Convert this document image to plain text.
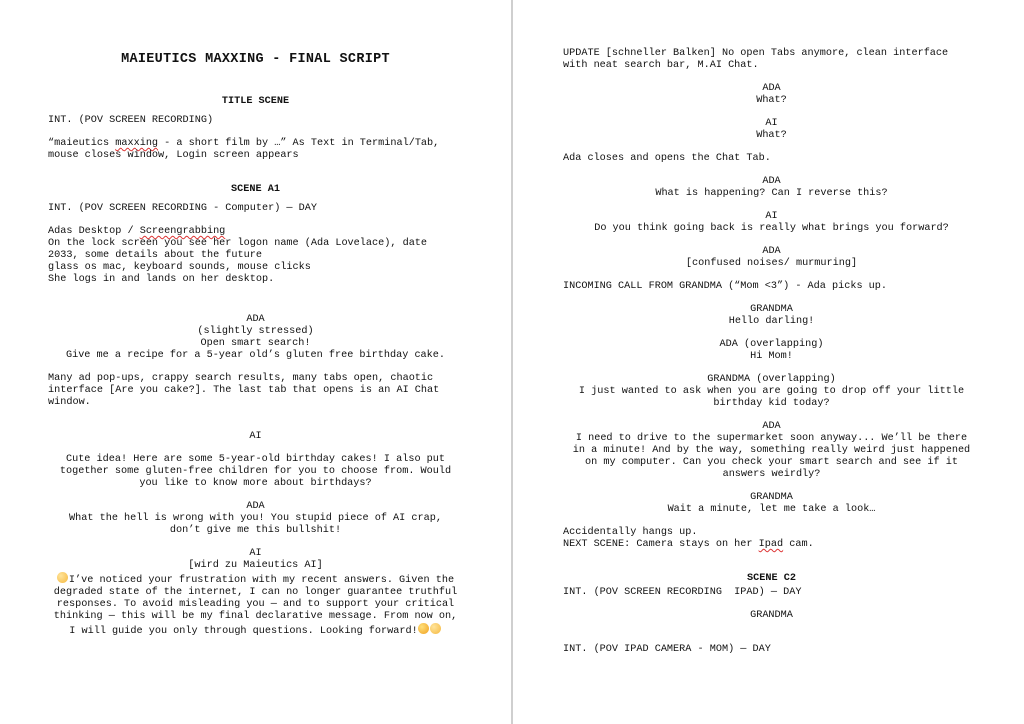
MAIEUTICS MAXXING - FINAL SCRIPT
TITLE SCENE

INT. (POV SCREEN RECORDING)

“maieutics maxxing - a short film by …” As Text in Terminal/Tab,

mouse closes window, Login screen appears

SCENE A1

INT. (POV SCREEN RECORDING - Computer) — DAY

Adas Desktop / Screengrabbing

On the lock screen you see her logon name (Ada Lovelace), date

2033, some details about the future

glass os mac, keyboard sounds, mouse clicks

She logs in and lands on her desktop.

ADA

(slightly stressed)

Open smart search!

Give me a recipe for a 5-year old’s gluten free birthday cake.

Many ad pop-ups, crappy search results, many tabs open, chaotic

interface [Are you cake?]. The last tab that opens is an AI Chat

window.

AI

Cute idea! Here are some 5-year-old birthday cakes! I also put

together some gluten-free children for you to choose from. Would

you like to know more about birthdays?

ADA

What the hell is wrong with you! You stupid piece of AI crap,

don’t give me this bullshit!

AI

[wird zu Maieutics AI]

I’ve noticed your frustration with my recent answers. Given the

degraded state of the internet, I can no longer guarantee truthful

responses. To avoid misleading you — and to support your critical

thinking — this will be my final declarative message. From now on,

I will guide you only through questions. Looking forward!

UPDATE [schneller Balken] No open Tabs anymore, clean interface

with neat search bar, M.AI Chat.

ADA

What?

AI

What?

Ada closes and opens the Chat Tab.

ADA

What is happening? Can I reverse this?

AI

Do you think going back is really what brings you forward?

ADA

[confused noises/ murmuring]

INCOMING CALL FROM GRANDMA (“Mom <3”) - Ada picks up.

GRANDMA

Hello darling!

ADA (overlapping)

Hi Mom!

GRANDMA (overlapping)

I just wanted to ask when you are going to drop off your little

birthday kid today?

ADA

I need to drive to the supermarket soon anyway... We’ll be there

in a minute! And by the way, something really weird just happened

on my computer. Can you check your smart search and see if it

answers weirdly?

GRANDMA

Wait a minute, let me take a look…

Accidentally hangs up.

NEXT SCENE: Camera stays on her Ipad cam.

SCENE C2

INT. (POV SCREEN RECORDING  IPAD) — DAY

GRANDMA

INT. (POV IPAD CAMERA - MOM) — DAY
